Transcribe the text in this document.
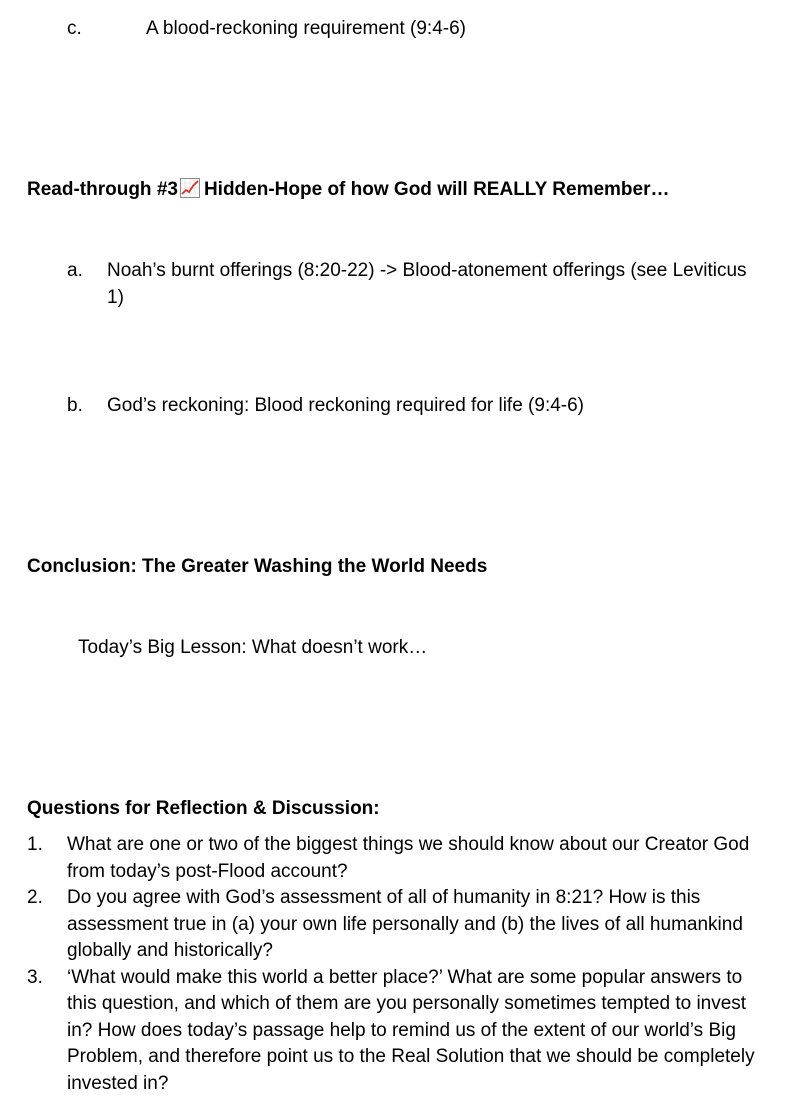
c.	A blood-reckoning requirement (9:4-6)
Read-through #3 Hidden-Hope of how God will REALLY Remember…
a. Noah’s burnt offerings (8:20-22) -> Blood-atonement offerings (see Leviticus 1)
b. God’s reckoning: Blood reckoning required for life (9:4-6)
Conclusion: The Greater Washing the World Needs
Today’s Big Lesson: What doesn’t work…
Questions for Reflection & Discussion:
1. What are one or two of the biggest things we should know about our Creator God from today’s post-Flood account?
2. Do you agree with God’s assessment of all of humanity in 8:21? How is this assessment true in (a) your own life personally and (b) the lives of all humankind globally and historically?
3. ‘What would make this world a better place?’ What are some popular answers to this question, and which of them are you personally sometimes tempted to invest in? How does today’s passage help to remind us of the extent of our world’s Big Problem, and therefore point us to the Real Solution that we should be completely invested in?
